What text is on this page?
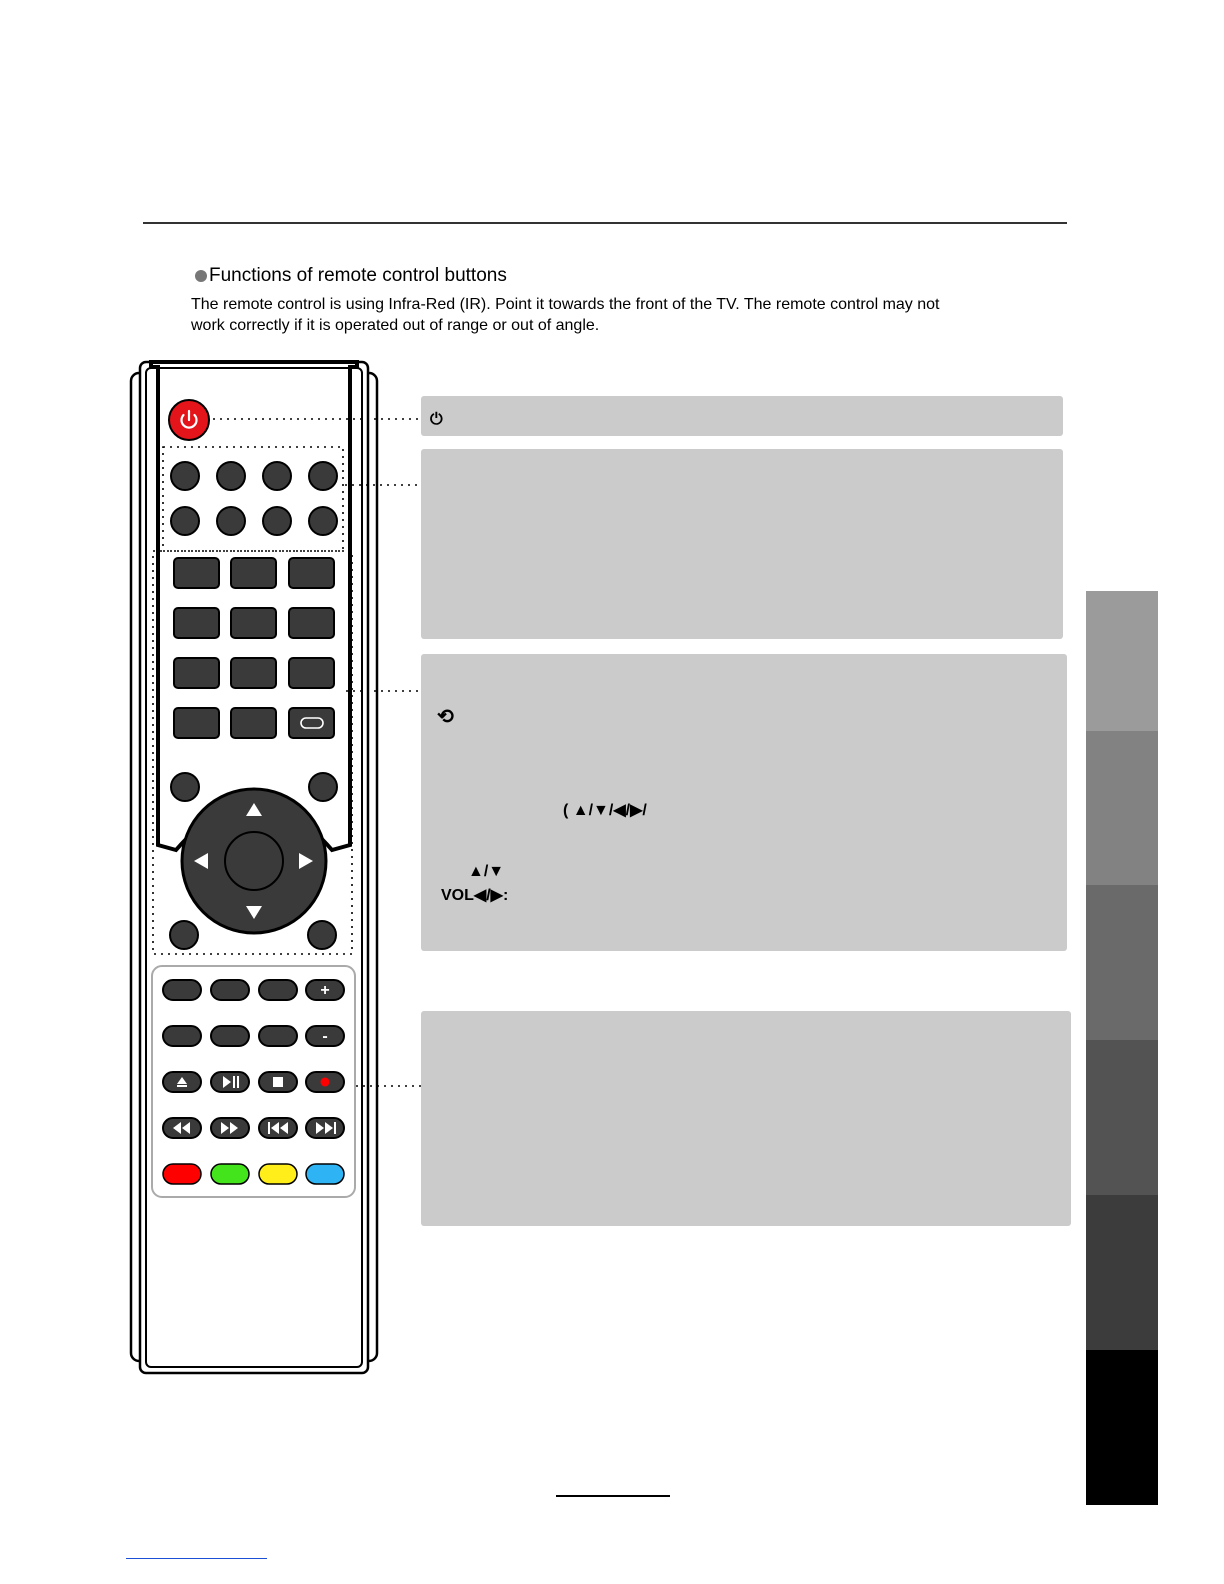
Functions of remote control buttons
The remote control is using Infra-Red (IR). Point it towards the front of the TV. The remote control may not
work correctly if it is operated out of range or out of angle.
⏻
⟲
( ▲/▼/◀/▶/
▲/▼
VOL◀/▶:
+
-
